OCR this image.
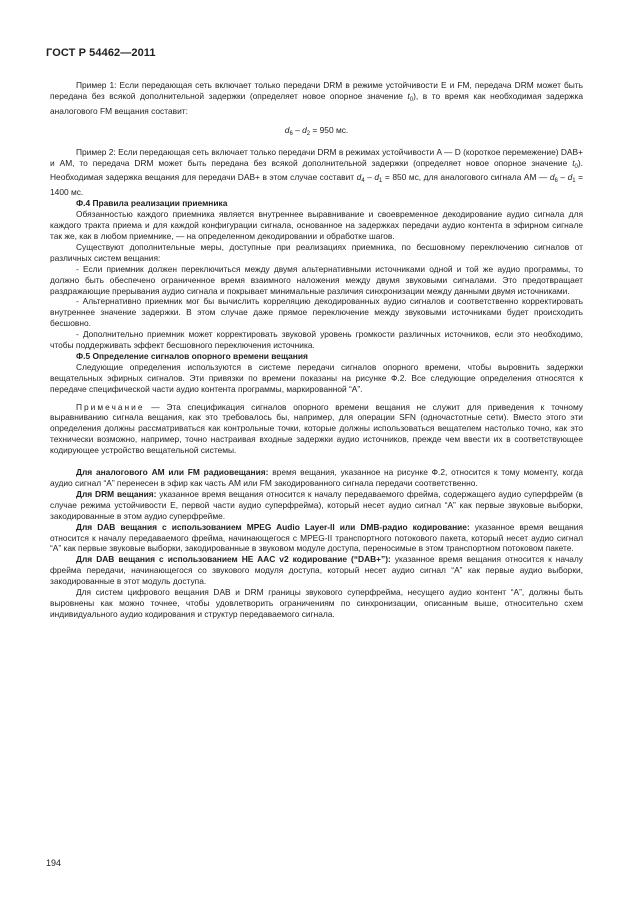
ГОСТ Р 54462—2011

Пример 1: Если передающая сеть включает только передачи DRM в режиме устойчивости E и FM, передача DRM может быть передана без всякой дополнительной задержки (определяет новое опорное значение $t_0$), в то время как необходимая задержка аналогового FM вещания составит:

$d_6 - d_2 = 950$ мс.

Пример 2: Если передающая сеть включает только передачи DRM в режимах устойчивости A — D (короткое перемежение) DAB+ и AM, то передача DRM может быть передана без всякой дополнительной задержки (определяет новое опорное значение $t_0$). Необходимая задержка вещания для передачи DAB+ в этом случае составит $d_4 - d_1 = 850$ мс, для аналогового сигнала AM — $d_6 - d_1 = 1400$ мс.

Ф.4 Правила реализации приемника

Обязанностью каждого приемника является внутреннее выравнивание и своевременное декодирование аудио сигнала для каждого тракта приема и для каждой конфигурации сигнала, основанное на задержках передачи аудио контента в эфирном сигнале так же, как в любом приемнике, — на определенном декодировании и обработке шагов.

Существуют дополнительные меры, доступные при реализациях приемника, по бесшовному переключению сигналов от различных систем вещания:

- Если приемник должен переключиться между двумя альтернативными источниками одной и той же аудио программы, то должно быть обеспечено ограниченное время взаимного наложения между двумя звуковыми сигналами. Это предотвращает раздражающие прерывания аудио сигнала и покрывает минимальные различия синхронизации между данными двумя источниками.

- Альтернативно приемник мог бы вычислить корреляцию декодированных аудио сигналов и соответственно корректировать внутреннее значение задержки. В этом случае даже прямое переключение между звуковыми источниками будет происходить бесшовно.

- Дополнительно приемник может корректировать звуковой уровень громкости различных источников, если это необходимо, чтобы поддерживать эффект бесшовного переключения источника.

Ф.5 Определение сигналов опорного времени вещания

Следующие определения используются в системе передачи сигналов опорного времени, чтобы выровнить задержки вещательных эфирных сигналов. Эти привязки по времени показаны на рисунке Ф.2. Все следующие определения относятся к передаче специфической части аудио контента программы, маркированной “А”.

Примечание — Эта спецификация сигналов опорного времени вещания не служит для приведения к точному выравниванию сигнала вещания, как это требовалось бы, например, для операции SFN (одночастотные сети). Вместо этого эти определения должны рассматриваться как контрольные точки, которые должны использоваться вещателем настолько точно, как это технически возможно, например, точно настраивая входные задержки аудио источников, прежде чем ввести их в соответствующее кодирующее устройство вещательной системы.

Для аналогового AM или FM радиовещания: время вещания, указанное на рисунке Ф.2, относится к тому моменту, когда аудио сигнал “А” перенесен в эфир как часть AM или FM закодированного сигнала передачи соответственно.

Для DRM вещания: указанное время вещания относится к началу передаваемого фрейма, содержащего аудио суперфрейм (в случае режима устойчивости E, первой части аудио суперфрейма), который несет аудио сигнал “А” как первые звуковые выборки, закодированные в этом аудио суперфрейме.

Для DAB вещания с использованием MPEG Audio Layer-II или DMB-радио кодирование: указанное время вещания относится к началу передаваемого фрейма, начинающегося с MPEG-II транспортного потокового пакета, который несет аудио сигнал “А” как первые звуковые выборки, закодированные в звуковом модуле доступа, переносимые в этом транспортном потоковом пакете.

Для DAB вещания с использованием HE AAC v2 кодирование (“DAB+”): указанное время вещания относится к началу фрейма передачи, начинающегося со звукового модуля доступа, который несет аудио сигнал “А” как первые аудио выборки, закодированные в этот модуль доступа.

Для систем цифрового вещания DAB и DRM границы звукового суперфрейма, несущего аудио контент “А”, должны быть выровнены как можно точнее, чтобы удовлетворить ограничениям по синхронизации, описанным выше, относительно схем индивидуального аудио кодирования и структур передаваемого сигнала.

194
